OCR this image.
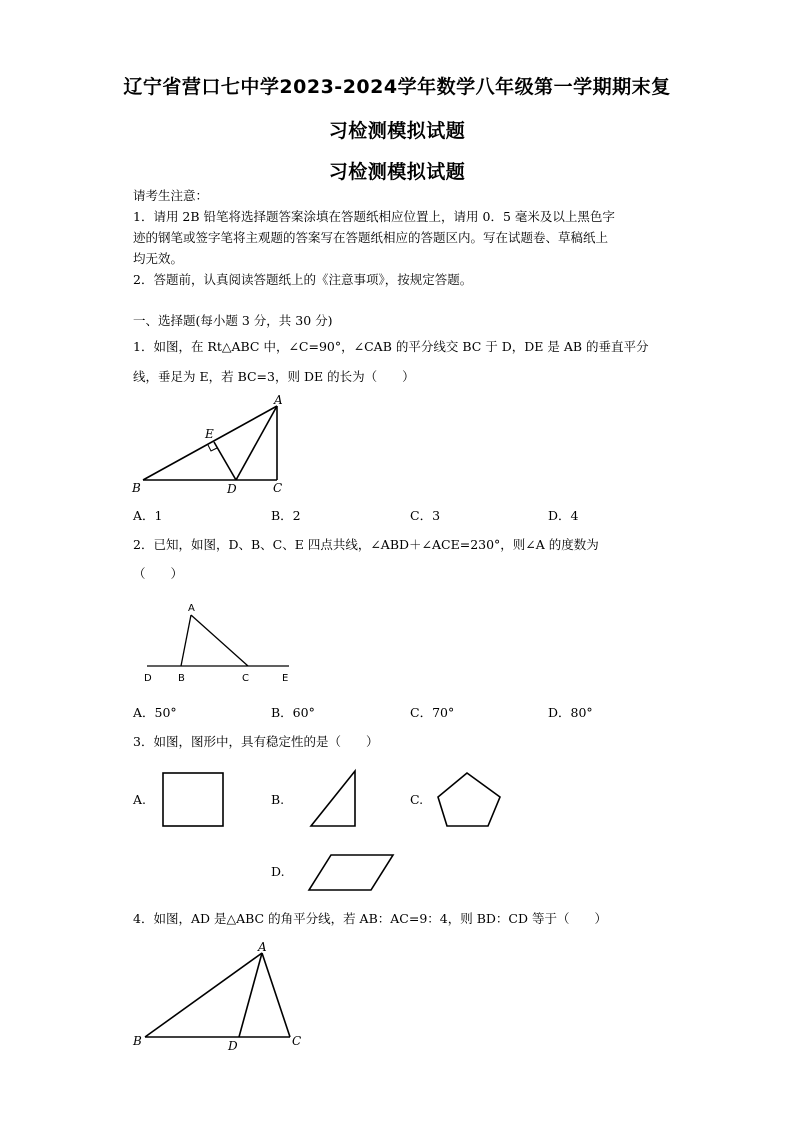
辽宁省营口七中学2023-2024学年数学八年级第一学期期末复
习检测模拟试题
习检测模拟试题
请考生注意：
1．请用 2B 铅笔将选择题答案涂填在答题纸相应位置上，请用 0．5 毫米及以上黑色字
迹的钢笔或签字笔将主观题的答案写在答题纸相应的答题区内。写在试题卷、草稿纸上
均无效。
2．答题前，认真阅读答题纸上的《注意事项》，按规定答题。
一、选择题(每小题 3 分，共 30 分)
1．如图，在 Rt△ABC 中，∠C=90°，∠CAB 的平分线交 BC 于 D，DE 是 AB 的垂直平分
线，垂足为 E，若 BC=3，则 DE 的长为（　　）
A
B	C
D
E
A．1	B．2	C．3	D．4
2．已知，如图，D、B、C、E 四点共线，∠ABD＋∠ACE=230°，则∠A 的度数为
（　　）
A
B	C
D	E
A．50°	B．60°	C．70°	D．80°
3．如图，图形中，具有稳定性的是（　　）
A.	B.	C.
D.
4．如图，AD 是△ABC 的角平分线，若 AB：AC=9：4，则 BD：CD 等于（　　）
A
B	C
D
